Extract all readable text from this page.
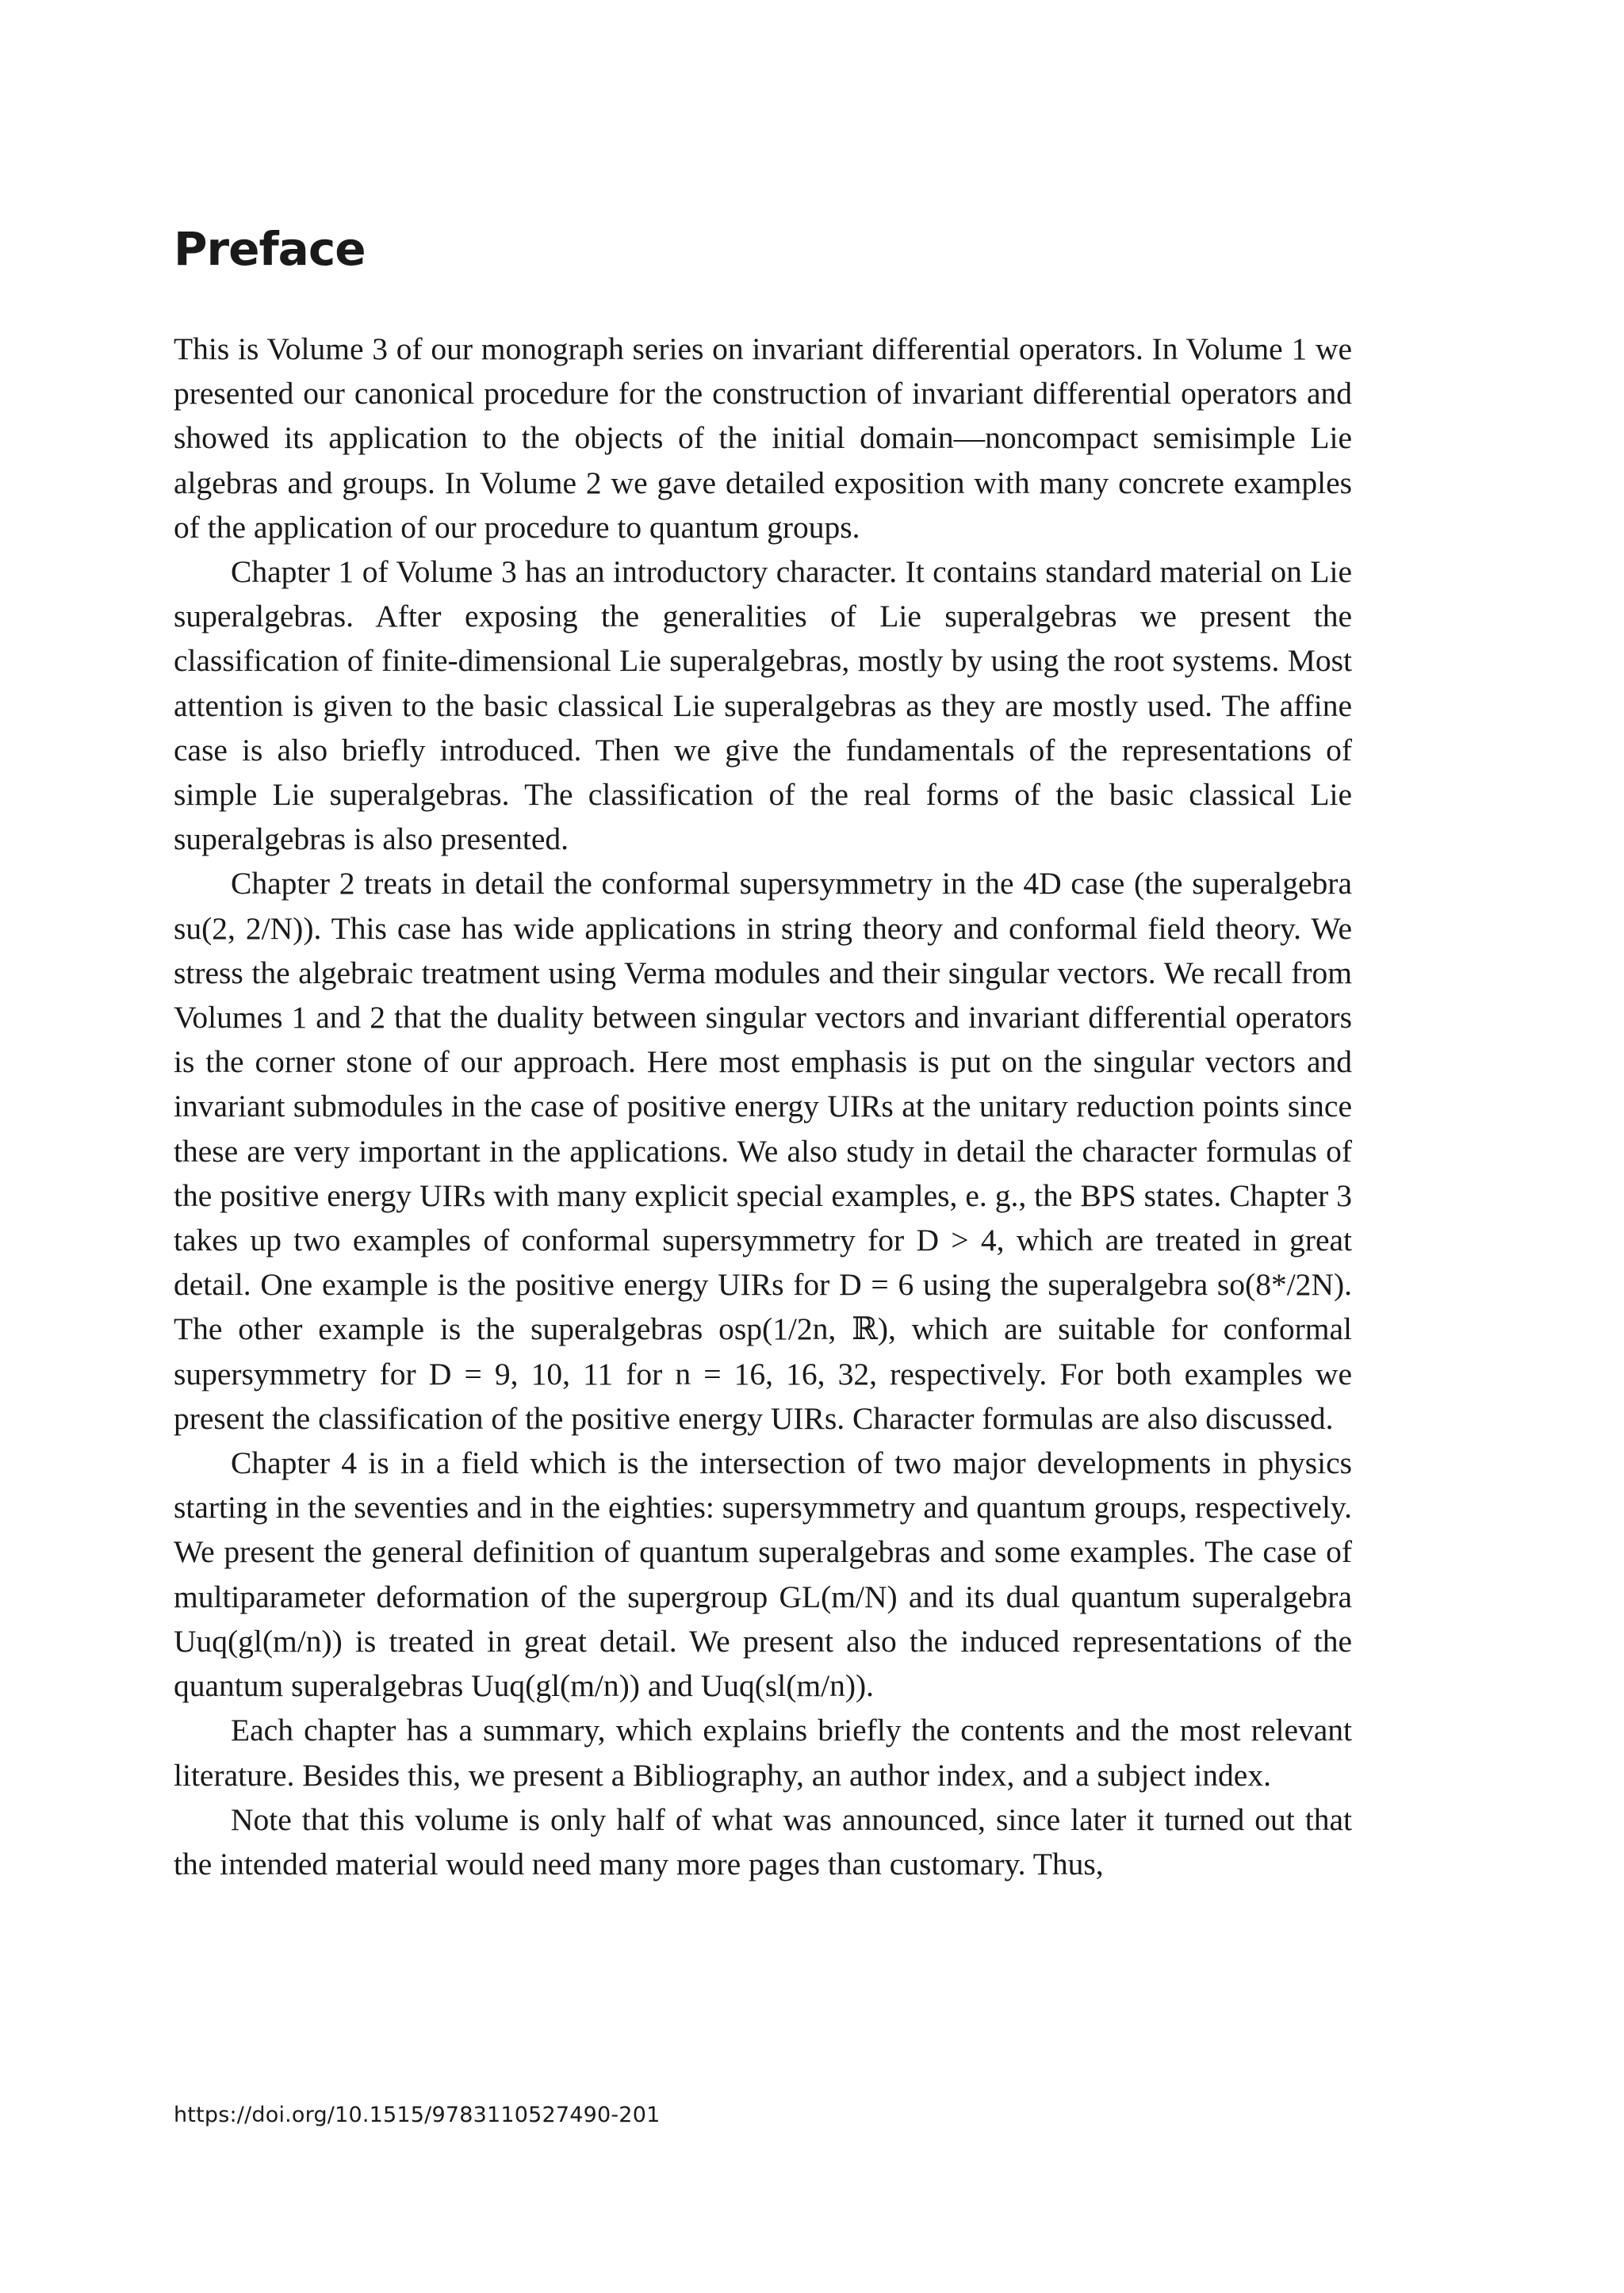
Preface

This is Volume 3 of our monograph series on invariant differential operators. In Volume 1 we presented our canonical procedure for the construction of invariant differential operators and showed its application to the objects of the initial domain—noncompact semisimple Lie algebras and groups. In Volume 2 we gave detailed exposition with many concrete examples of the application of our procedure to quantum groups.

Chapter 1 of Volume 3 has an introductory character. It contains standard material on Lie superalgebras. After exposing the generalities of Lie superalgebras we present the classification of finite-dimensional Lie superalgebras, mostly by using the root systems. Most attention is given to the basic classical Lie superalgebras as they are mostly used. The affine case is also briefly introduced. Then we give the fundamentals of the representations of simple Lie superalgebras. The classification of the real forms of the basic classical Lie superalgebras is also presented.

Chapter 2 treats in detail the conformal supersymmetry in the 4D case (the superalgebra su(2, 2/N)). This case has wide applications in string theory and conformal field theory. We stress the algebraic treatment using Verma modules and their singular vectors. We recall from Volumes 1 and 2 that the duality between singular vectors and invariant differential operators is the corner stone of our approach. Here most emphasis is put on the singular vectors and invariant submodules in the case of positive energy UIRs at the unitary reduction points since these are very important in the applications. We also study in detail the character formulas of the positive energy UIRs with many explicit special examples, e. g., the BPS states. Chapter 3 takes up two examples of conformal supersymmetry for D > 4, which are treated in great detail. One example is the positive energy UIRs for D = 6 using the superalgebra so(8*/2N). The other example is the superalgebras osp(1/2n, ℝ), which are suitable for conformal supersymmetry for D = 9, 10, 11 for n = 16, 16, 32, respectively. For both examples we present the classification of the positive energy UIRs. Character formulas are also discussed.

Chapter 4 is in a field which is the intersection of two major developments in physics starting in the seventies and in the eighties: supersymmetry and quantum groups, respectively. We present the general definition of quantum superalgebras and some examples. The case of multiparameter deformation of the supergroup GL(m/N) and its dual quantum superalgebra Uuq(gl(m/n)) is treated in great detail. We present also the induced representations of the quantum superalgebras Uuq(gl(m/n)) and Uuq(sl(m/n)).

Each chapter has a summary, which explains briefly the contents and the most relevant literature. Besides this, we present a Bibliography, an author index, and a subject index.

Note that this volume is only half of what was announced, since later it turned out that the intended material would need many more pages than customary. Thus,

https://doi.org/10.1515/9783110527490-201
